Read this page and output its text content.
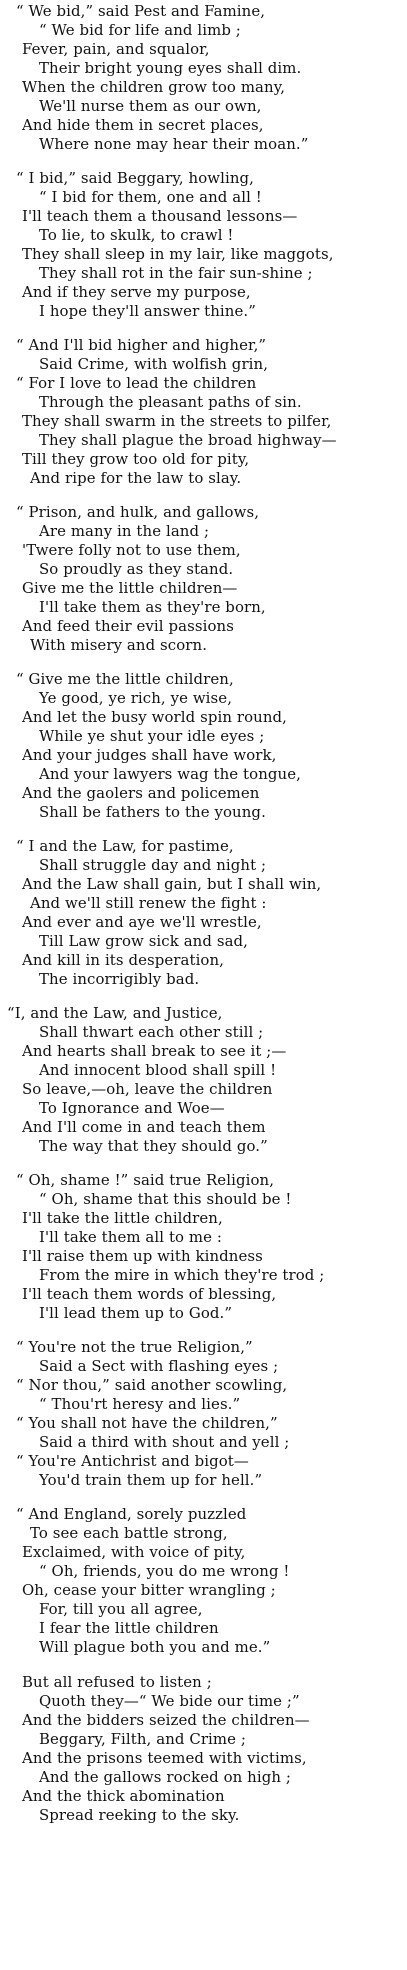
“ We bid,” said Pest and Famine,
“ We bid for life and limb ;
Fever, pain, and squalor,
Their bright young eyes shall dim.
When the children grow too many,
We'll nurse them as our own,
And hide them in secret places,
Where none may hear their moan.”
“ I bid,” said Beggary, howling,
“ I bid for them, one and all !
I'll teach them a thousand lessons—
To lie, to skulk, to crawl !
They shall sleep in my lair, like maggots,
They shall rot in the fair sun-shine ;
And if they serve my purpose,
I hope they'll answer thine.”
“ And I'll bid higher and higher,”
Said Crime, with wolfish grin,
“ For I love to lead the children
Through the pleasant paths of sin.
They shall swarm in the streets to pilfer,
They shall plague the broad highway—
Till they grow too old for pity,
And ripe for the law to slay.
“ Prison, and hulk, and gallows,
Are many in the land ;
'Twere folly not to use them,
So proudly as they stand.
Give me the little children—
I'll take them as they're born,
And feed their evil passions
With misery and scorn.
“ Give me the little children,
Ye good, ye rich, ye wise,
And let the busy world spin round,
While ye shut your idle eyes ;
And your judges shall have work,
And your lawyers wag the tongue,
And the gaolers and policemen
Shall be fathers to the young.
“ I and the Law, for pastime,
Shall struggle day and night ;
And the Law shall gain, but I shall win,
And we'll still renew the fight :
And ever and aye we'll wrestle,
Till Law grow sick and sad,
And kill in its desperation,
The incorrigibly bad.
“I, and the Law, and Justice,
Shall thwart each other still ;
And hearts shall break to see it ;—
And innocent blood shall spill !
So leave,—oh, leave the children
To Ignorance and Woe—
And I'll come in and teach them
The way that they should go.”
“ Oh, shame !” said true Religion,
“ Oh, shame that this should be !
I'll take the little children,
I'll take them all to me :
I'll raise them up with kindness
From the mire in which they're trod ;
I'll teach them words of blessing,
I'll lead them up to God.”
“ You're not the true Religion,”
Said a Sect with flashing eyes ;
“ Nor thou,” said another scowling,
“ Thou'rt heresy and lies.”
“ You shall not have the children,”
Said a third with shout and yell ;
“ You're Antichrist and bigot—
You'd train them up for hell.”
“ And England, sorely puzzled
To see each battle strong,
Exclaimed, with voice of pity,
“ Oh, friends, you do me wrong !
Oh, cease your bitter wrangling ;
For, till you all agree,
I fear the little children
Will plague both you and me.”
But all refused to listen ;
Quoth they—“ We bide our time ;”
And the bidders seized the children—
Beggary, Filth, and Crime ;
And the prisons teemed with victims,
And the gallows rocked on high ;
And the thick abomination
Spread reeking to the sky.
